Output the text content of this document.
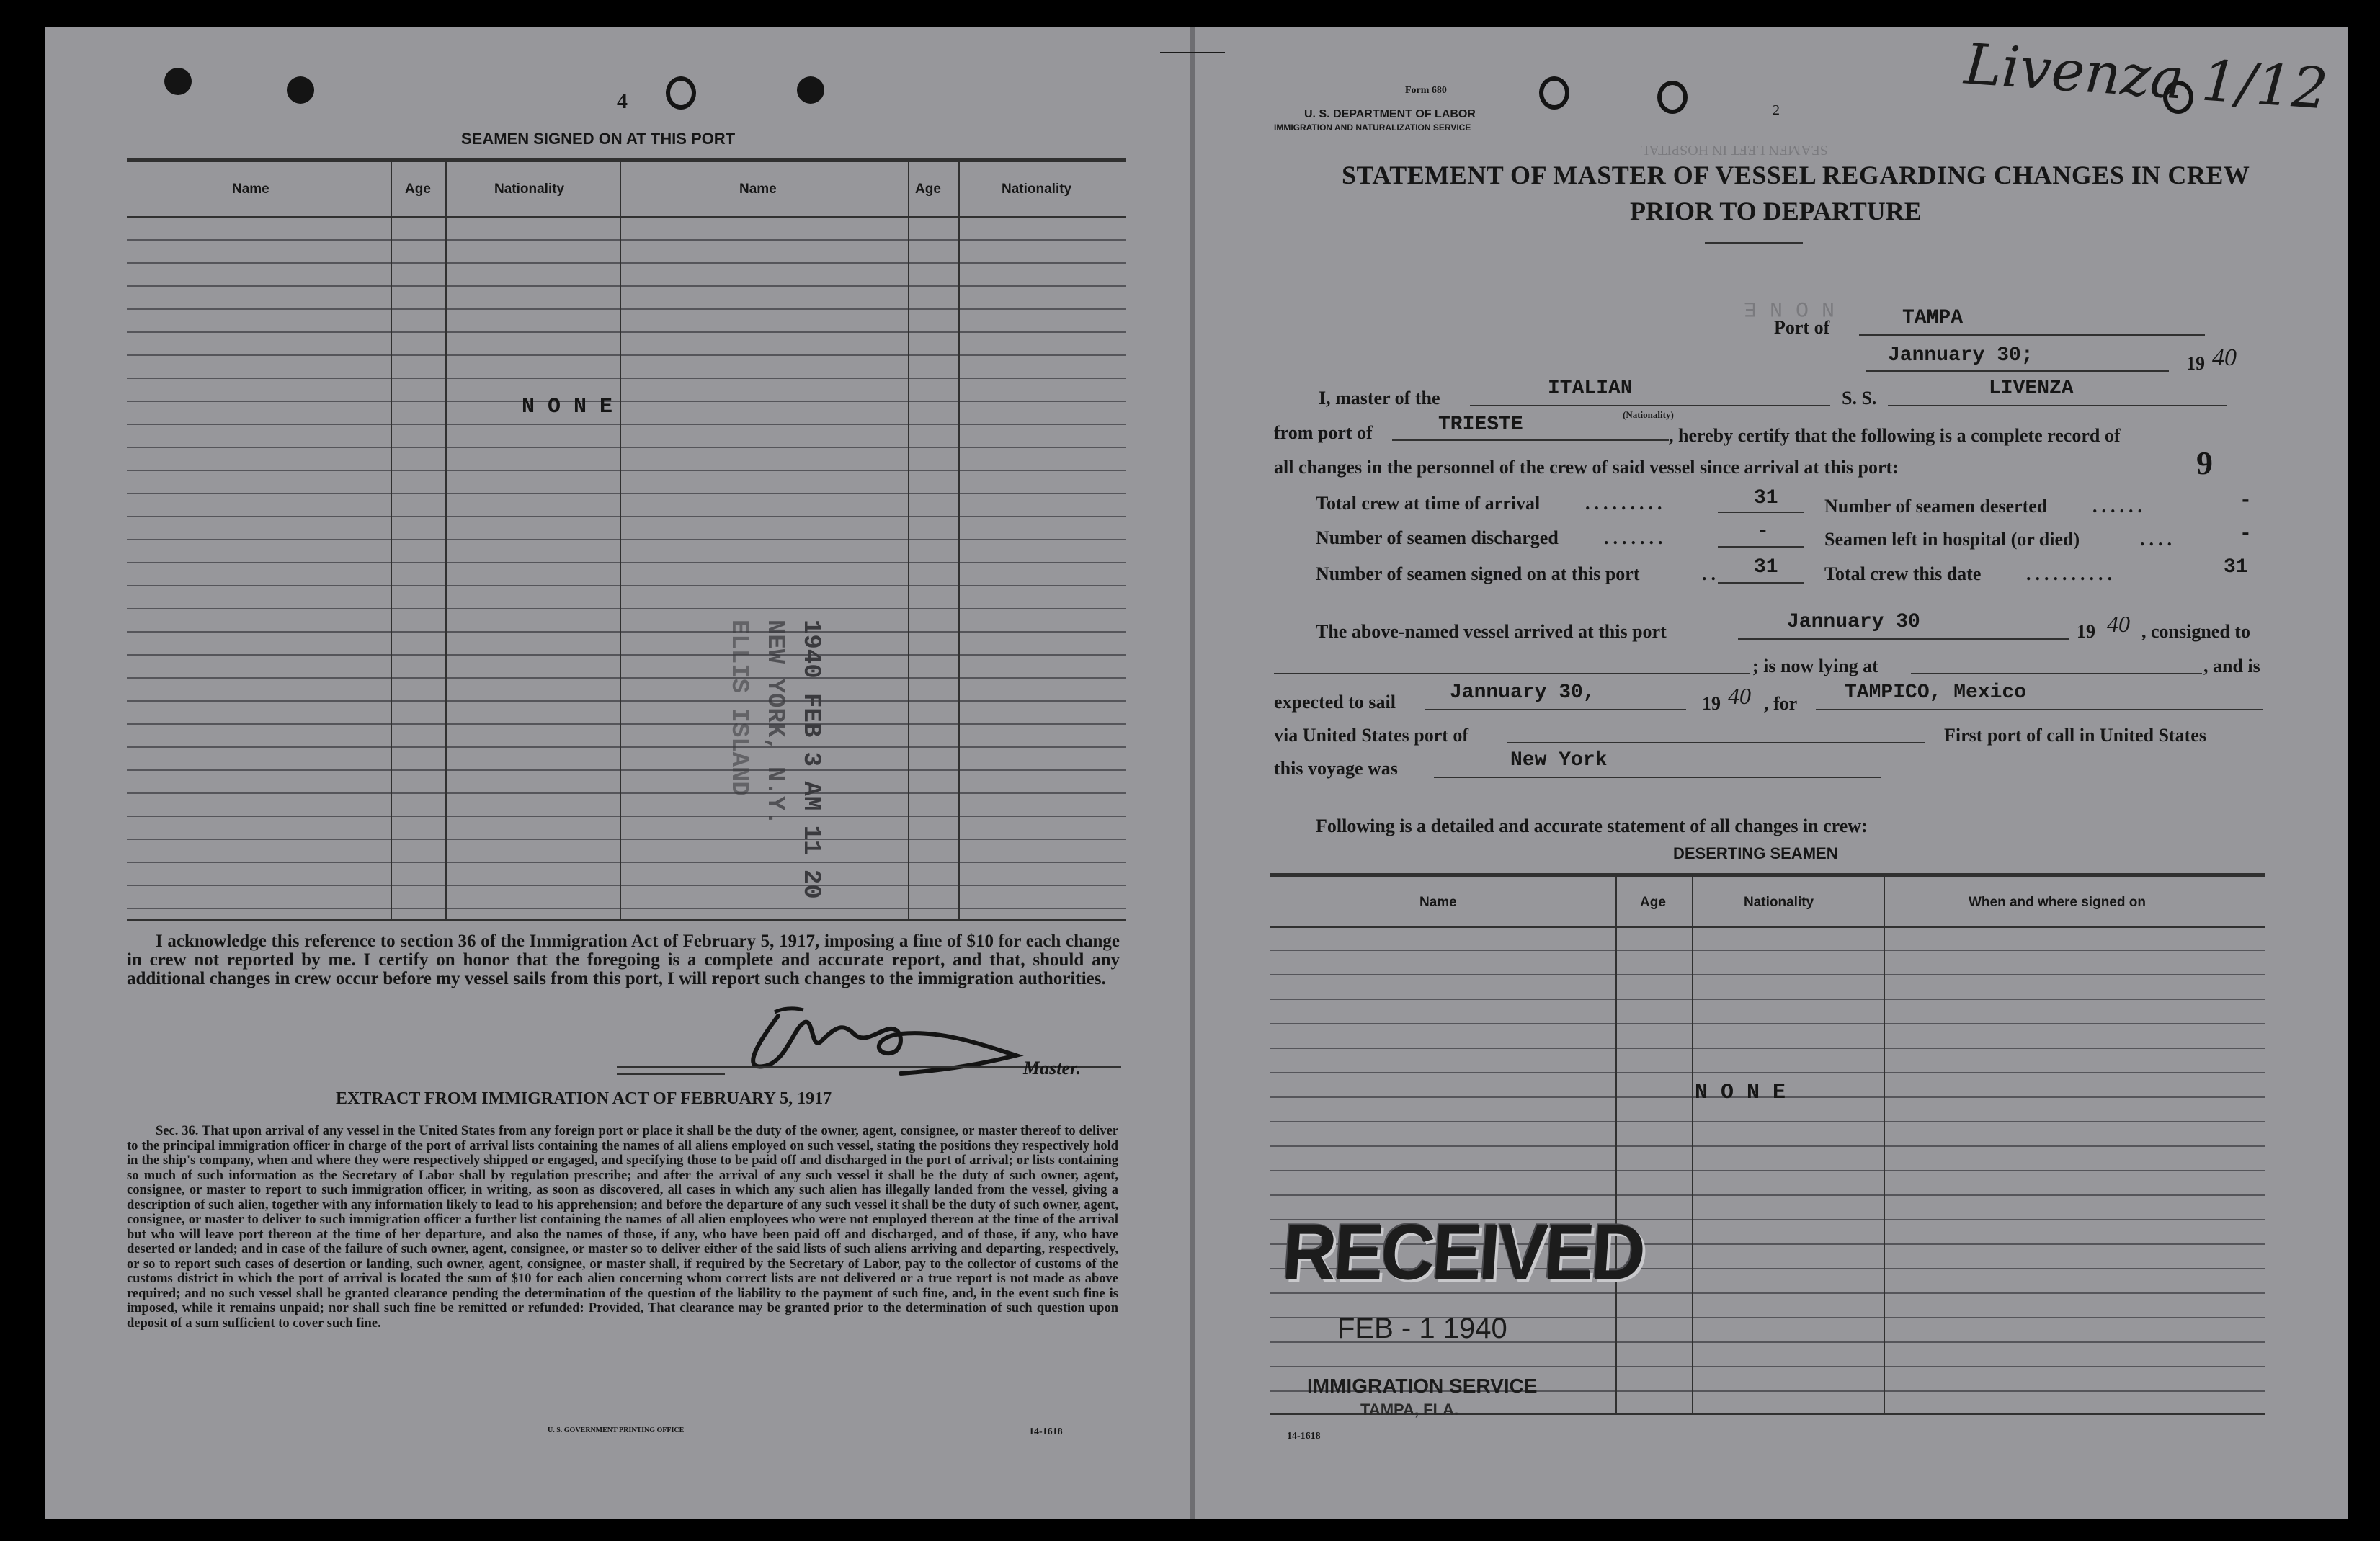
4
SEAMEN SIGNED ON AT THIS PORT
Name	Age	Nationality	Name	Age	Nationality
N O N E
1940 FEB 3 AM 11 20
NEW YORK, N.Y.
ELLIS ISLAND
I acknowledge this reference to section 36 of the Immigration Act of February 5, 1917, imposing a fine of $10 for each change in crew not reported by me. I certify on honor that the foregoing is a complete and accurate report, and that, should any additional changes in crew occur before my vessel sails from this port, I will report such changes to the immigration authorities.
Master.
EXTRACT FROM IMMIGRATION ACT OF FEBRUARY 5, 1917
Sec. 36. That upon arrival of any vessel in the United States from any foreign port or place it shall be the duty of the owner, agent, consignee, or master thereof to deliver to the principal immigration officer in charge of the port of arrival lists containing the names of all aliens employed on such vessel, stating the positions they respectively hold in the ship's company, when and where they were respectively shipped or engaged, and specifying those to be paid off and discharged in the port of arrival; or lists containing so much of such information as the Secretary of Labor shall by regulation prescribe; and after the arrival of any such vessel it shall be the duty of such owner, agent, consignee, or master to report to such immigration officer, in writing, as soon as discovered, all cases in which any such alien has illegally landed from the vessel, giving a description of such alien, together with any information likely to lead to his apprehension; and before the departure of any such vessel it shall be the duty of such owner, agent, consignee, or master to deliver to such immigration officer a further list containing the names of all alien employees who were not employed thereon at the time of the arrival but who will leave port thereon at the time of her departure, and also the names of those, if any, who have been paid off and discharged, and of those, if any, who have deserted or landed; and in case of the failure of such owner, agent, consignee, or master so to deliver either of the said lists of such aliens arriving and departing, respectively, or so to report such cases of desertion or landing, such owner, agent, consignee, or master shall, if required by the Secretary of Labor, pay to the collector of customs of the customs district in which the port of arrival is located the sum of $10 for each alien concerning whom correct lists are not delivered or a true report is not made as above required; and no such vessel shall be granted clearance pending the determination of the question of the liability to the payment of such fine, and, in the event such fine is imposed, while it remains unpaid; nor shall such fine be remitted or refunded: Provided, That clearance may be granted prior to the determination of such question upon deposit of a sum sufficient to cover such fine.
U. S. GOVERNMENT PRINTING OFFICE	14-1618
Form 680
U. S. DEPARTMENT OF LABOR
IMMIGRATION AND NATURALIZATION SERVICE
2	Livenza 1/12
SEAMEN LEFT IN HOSPITAL
N O N E
STATEMENT OF MASTER OF VESSEL REGARDING CHANGES IN CREW
PRIOR TO DEPARTURE
Port of	TAMPA
Jannuary 30;	19 40
I, master of the	ITALIAN
(Nationality)
S. S.	LIVENZA
from port of	TRIESTE	, hereby certify that the following is a complete record of
all changes in the personnel of the crew of said vessel since arrival at this port:	9
Total crew at time of arrival .........	31 Number of seamen deserted ......	-
Number of seamen discharged .......	-	Seamen left in hospital (or died)	....	-
Number of seamen signed on at this port	.. 31 Total crew this date ..........	31
The above-named vessel arrived at this port	Jannuary 30	19 40 , consigned to
; is now lying at	, and is
expected to sail	Jannuary 30,	19 40 , for TAMPICO, Mexico
via United States port of	First port of call in United States
this voyage was	New York
Following is a detailed and accurate statement of all changes in crew:
DESERTING SEAMEN
Name	Age	Nationality	When and where signed on
N O N E
RECEIVED
FEB - 1 1940
IMMIGRATION SERVICE
TAMPA, FLA.
14-1618
